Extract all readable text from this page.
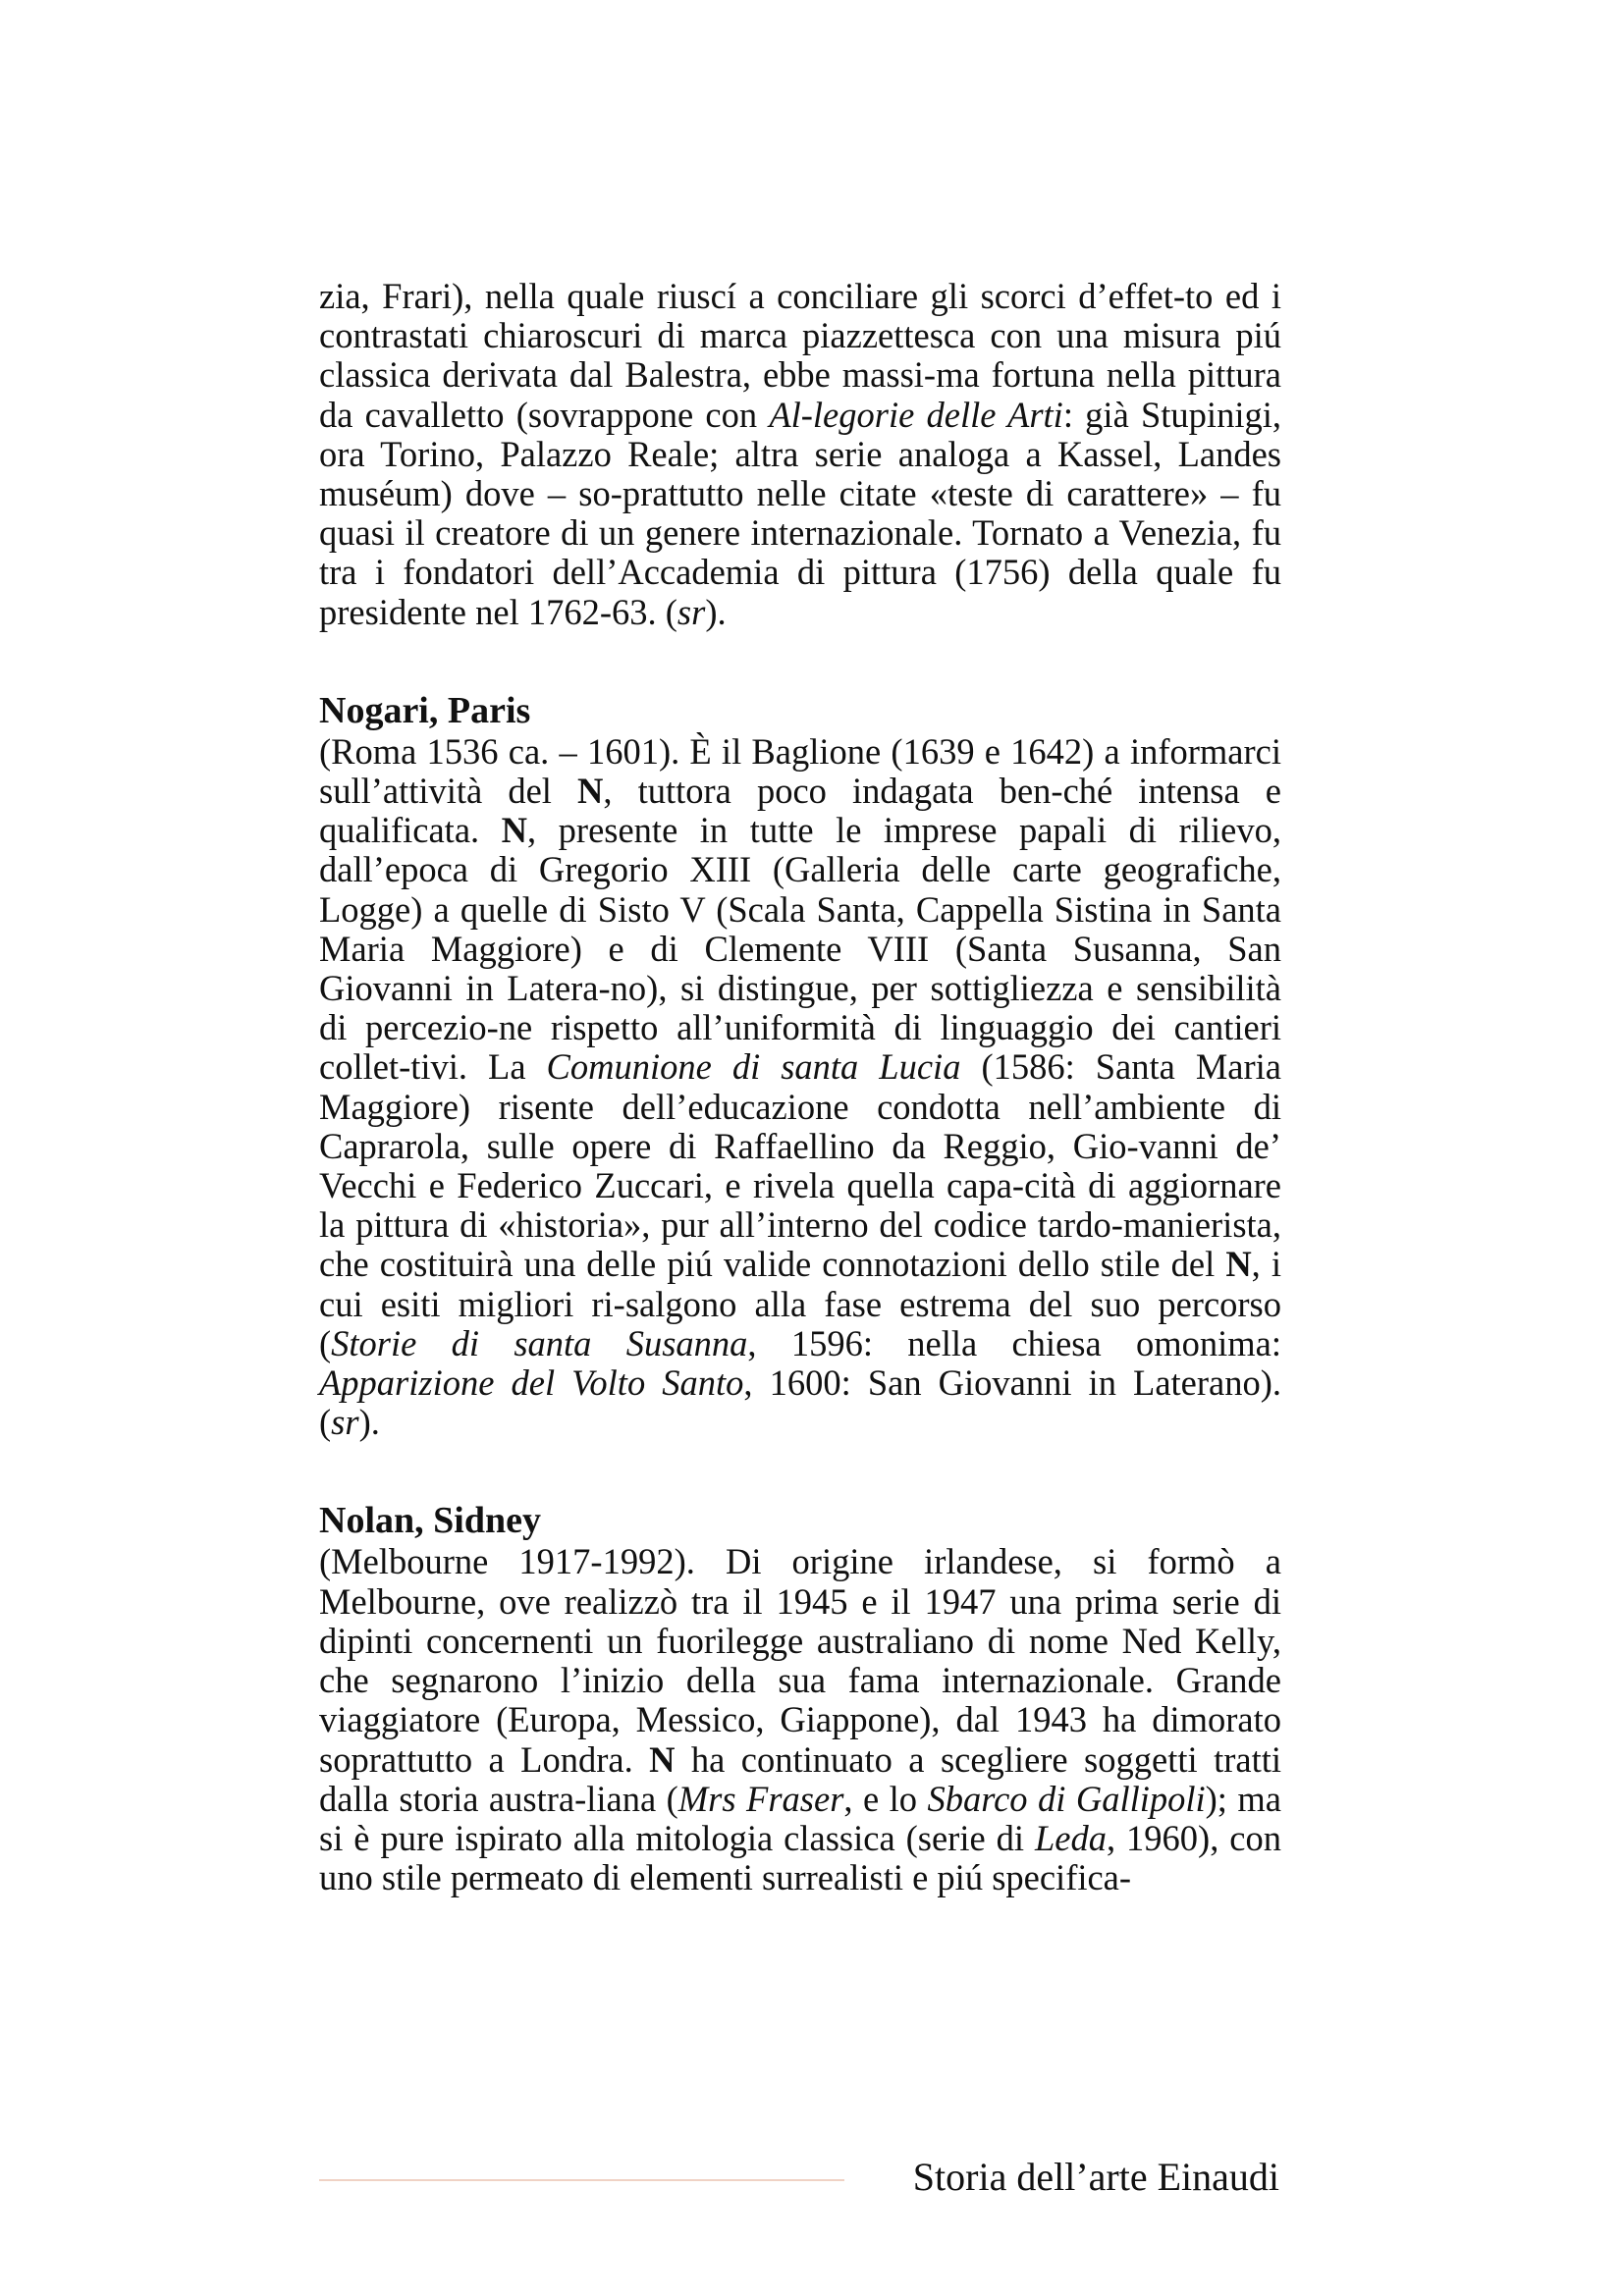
zia, Frari), nella quale riuscí a conciliare gli scorci d’effet-to ed i contrastati chiaroscuri di marca piazzettesca con una misura piú classica derivata dal Balestra, ebbe massi-ma fortuna nella pittura da cavalletto (sovrappone con Al-legorie delle Arti: già Stupinigi, ora Torino, Palazzo Reale; altra serie analoga a Kassel, Landes muséum) dove – so-prattutto nelle citate «teste di carattere» – fu quasi il creatore di un genere internazionale. Tornato a Venezia, fu tra i fondatori dell’Accademia di pittura (1756) della quale fu presidente nel 1762-63. (sr).

Nogari, Paris

(Roma 1536 ca. – 1601). È il Baglione (1639 e 1642) a informarci sull’attività del N, tuttora poco indagata ben-ché intensa e qualificata. N, presente in tutte le imprese papali di rilievo, dall’epoca di Gregorio XIII (Galleria delle carte geografiche, Logge) a quelle di Sisto V (Scala Santa, Cappella Sistina in Santa Maria Maggiore) e di Clemente VIII (Santa Susanna, San Giovanni in Latera-no), si distingue, per sottigliezza e sensibilità di percezio-ne rispetto all’uniformità di linguaggio dei cantieri collet-tivi. La Comunione di santa Lucia (1586: Santa Maria Maggiore) risente dell’educazione condotta nell’ambiente di Caprarola, sulle opere di Raffaellino da Reggio, Gio-vanni de’ Vecchi e Federico Zuccari, e rivela quella capa-cità di aggiornare la pittura di «historia», pur all’interno del codice tardo-manierista, che costituirà una delle piú valide connotazioni dello stile del N, i cui esiti migliori ri-salgono alla fase estrema del suo percorso (Storie di santa Susanna, 1596: nella chiesa omonima: Apparizione del Volto Santo, 1600: San Giovanni in Laterano). (sr).

Nolan, Sidney

(Melbourne 1917-1992). Di origine irlandese, si formò a Melbourne, ove realizzò tra il 1945 e il 1947 una prima serie di dipinti concernenti un fuorilegge australiano di nome Ned Kelly, che segnarono l’inizio della sua fama internazionale. Grande viaggiatore (Europa, Messico, Giappone), dal 1943 ha dimorato soprattutto a Londra. N ha continuato a scegliere soggetti tratti dalla storia austra-liana (Mrs Fraser, e lo Sbarco di Gallipoli); ma si è pure ispirato alla mitologia classica (serie di Leda, 1960), con uno stile permeato di elementi surrealisti e piú specifica-

Storia dell’arte Einaudi
